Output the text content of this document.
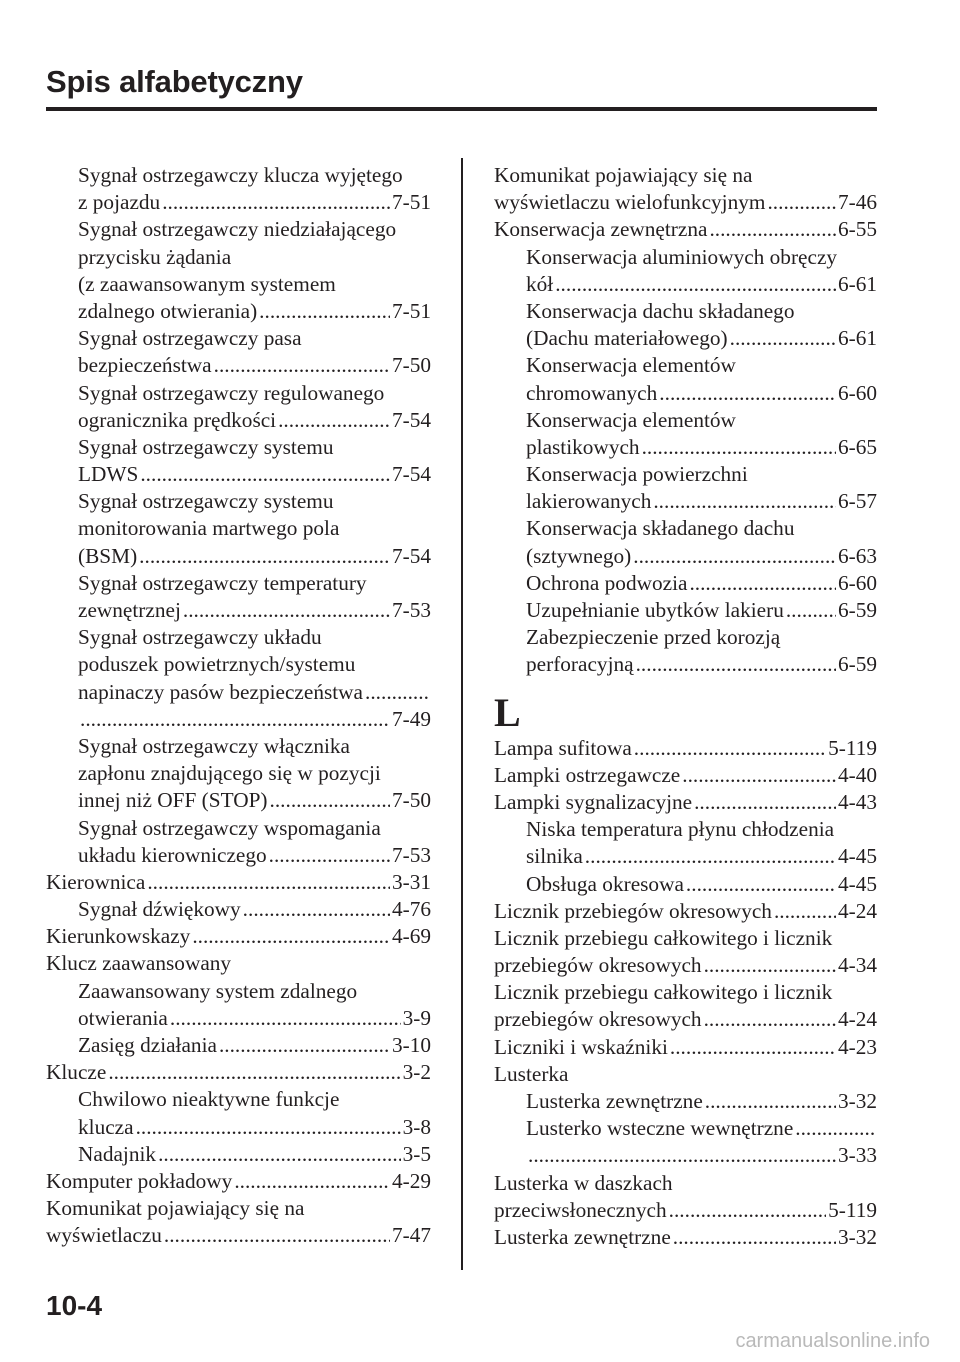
Spis alfabetyczny
Sygnał ostrzegawczy klucza wyjętego
z pojazdu .....	7-51
Sygnał ostrzegawczy niedziałającego
przycisku żądania
(z zaawansowanym systemem
zdalnego otwierania) .....	7-51
Sygnał ostrzegawczy pasa
bezpieczeństwa .....	7-50
Sygnał ostrzegawczy regulowanego
ogranicznika prędkości .....	7-54
Sygnał ostrzegawczy systemu
LDWS .....	7-54
Sygnał ostrzegawczy systemu
monitorowania martwego pola
(BSM) .....	7-54
Sygnał ostrzegawczy temperatury
zewnętrznej .....	7-53
Sygnał ostrzegawczy układu
poduszek powietrznych/systemu
napinaczy pasów bezpieczeństwa
.....
.....
7-49
Sygnał ostrzegawczy włącznika
zapłonu znajdującego się w pozycji
innej niż OFF (STOP) .....	7-50
Sygnał ostrzegawczy wspomagania
układu kierowniczego .....	7-53
Kierownica .....	3-31
Sygnał dźwiękowy .....	4-76
Kierunkowskazy .....	4-69
Klucz zaawansowany
Zaawansowany system zdalnego
otwierania .....	3-9
Zasięg działania .....	3-10
Klucze .....	3-2
Chwilowo nieaktywne funkcje
klucza .....	3-8
Nadajnik .....	3-5
Komputer pokładowy .....	4-29
Komunikat pojawiający się na
wyświetlaczu .....	7-47
Komunikat pojawiający się na
wyświetlaczu wielofunkcyjnym .....	7-46
Konserwacja zewnętrzna .....	6-55
Konserwacja aluminiowych obręczy
kół .....	6-61
Konserwacja dachu składanego
(Dachu materiałowego) .....	6-61
Konserwacja elementów
chromowanych .....	6-60
Konserwacja elementów
plastikowych .....	6-65
Konserwacja powierzchni
lakierowanych .....	6-57
Konserwacja składanego dachu
(sztywnego) .....	6-63
Ochrona podwozia .....	6-60
Uzupełnianie ubytków lakieru .....	6-59
Zabezpieczenie przed korozją
perforacyjną .....	6-59
L
Lampa sufitowa .....	5-119
Lampki ostrzegawcze .....	4-40
Lampki sygnalizacyjne .....	4-43
Niska temperatura płynu chłodzenia
silnika .....	4-45
Obsługa okresowa .....	4-45
Licznik przebiegów okresowych .....	4-24
Licznik przebiegu całkowitego i licznik
przebiegów okresowych .....	4-34
Licznik przebiegu całkowitego i licznik
przebiegów okresowych .....	4-24
Liczniki i wskaźniki .....	4-23
Lusterka
Lusterka zewnętrzne .....	3-32
Lusterko wsteczne wewnętrzne
.....
.....
3-33
Lusterka w daszkach
przeciwsłonecznych .....	5-119
Lusterka zewnętrzne .....	3-32
10-4
carmanualsonline.info
